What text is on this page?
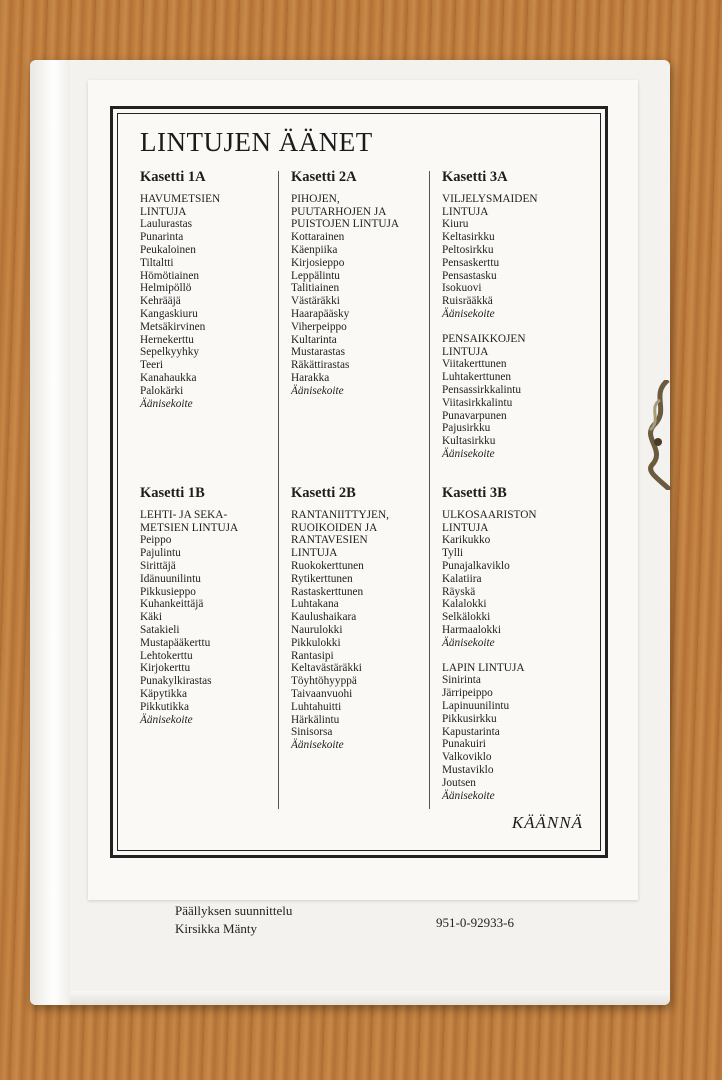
LINTUJEN ÄÄNET
Kasetti 1A
HAVUMETSIEN
LINTUJA
Laulurastas
Punarinta
Peukaloinen
Tiltaltti
Hömötiainen
Helmipöllö
Kehrääjä
Kangaskiuru
Metsäkirvinen
Hernekerttu
Sepelkyyhky
Teeri
Kanahaukka
Palokärki
Äänisekoite
Kasetti 1B
LEHTI- JA SEKA-
METSIEN LINTUJA
Peippo
Pajulintu
Sirittäjä
Idänuunilintu
Pikkusieppo
Kuhankeittäjä
Käki
Satakieli
Mustapääkerttu
Lehtokerttu
Kirjokerttu
Punakylkirastas
Käpytikka
Pikkutikka
Äänisekoite
Kasetti 2A
PIHOJEN,
PUUTARHOJEN JA
PUISTOJEN LINTUJA
Kottarainen
Käenpiika
Kirjosieppo
Leppälintu
Talitiainen
Västäräkki
Haarapääsky
Viherpeippo
Kultarinta
Mustarastas
Räkättirastas
Harakka
Äänisekoite
Kasetti 2B
RANTANIITTYJEN,
RUOIKOIDEN JA
RANTAVESIEN
LINTUJA
Ruokokerttunen
Rytikerttunen
Rastaskerttunen
Luhtakana
Kaulushaikara
Naurulokki
Pikkulokki
Rantasipi
Keltavästäräkki
Töyhtöhyyppä
Taivaanvuohi
Luhtahuitti
Härkälintu
Sinisorsa
Äänisekoite
Kasetti 3A
VILJELYSMAIDEN
LINTUJA
Kiuru
Keltasirkku
Peltosirkku
Pensaskerttu
Pensastasku
Isokuovi
Ruisrääkkä
Äänisekoite
PENSAIKKOJEN
LINTUJA
Viitakerttunen
Luhtakerttunen
Pensassirkkalintu
Viitasirkkalintu
Punavarpunen
Pajusirkku
Kultasirkku
Äänisekoite
Kasetti 3B
ULKOSAARISTON
LINTUJA
Karikukko
Tylli
Punajalkaviklo
Kalatiira
Räyskä
Kalalokki
Selkälokki
Harmaalokki
Äänisekoite
LAPIN LINTUJA
Sinirinta
Järripeippo
Lapinuunilintu
Pikkusirkku
Kapustarinta
Punakuiri
Valkoviklo
Mustaviklo
Joutsen
Äänisekoite
KÄÄNNÄ
Päällyksen suunnittelu
Kirsikka Mänty	951-0-92933-6
